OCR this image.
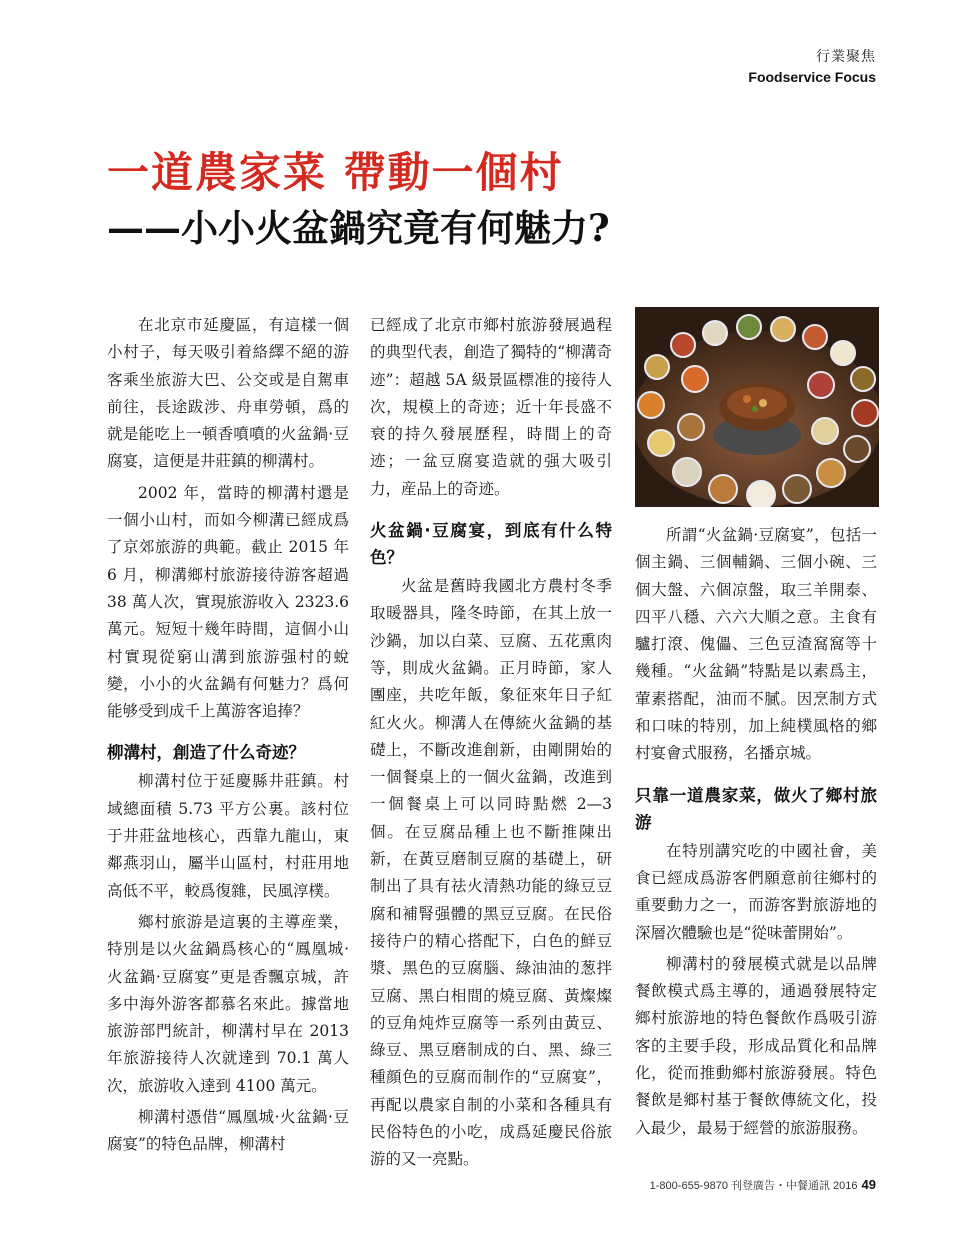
行業聚焦
Foodservice Focus
一道農家菜 帶動一個村
——小小火盆鍋究竟有何魅力?

在北京市延慶區，有這樣一個小村子，每天吸引着絡繹不絕的游客乘坐旅游大巴、公交或是自駕車前往，長途跋涉、舟車勞頓，爲的就是能吃上一頓香噴噴的火盆鍋·豆腐宴，這便是井莊鎮的柳溝村。

2002 年，當時的柳溝村還是一個小山村，而如今柳溝已經成爲了京郊旅游的典範。截止 2015 年 6 月，柳溝鄉村旅游接待游客超過 38 萬人次，實現旅游收入 2323.6 萬元。短短十幾年時間，這個小山村實現從窮山溝到旅游强村的蛻變，小小的火盆鍋有何魅力？爲何能够受到成千上萬游客追捧？

柳溝村，創造了什么奇迹？

柳溝村位于延慶縣井莊鎮。村域總面積 5.73 平方公裏。該村位于井莊盆地核心，西靠九龍山，東鄰燕羽山，屬半山區村，村莊用地高低不平，較爲復雜，民風淳樸。

鄉村旅游是這裏的主導産業，特別是以火盆鍋爲核心的“鳳凰城·火盆鍋·豆腐宴”更是香飄京城，許多中海外游客都慕名來此。據當地旅游部門統計，柳溝村早在 2013 年旅游接待人次就達到 70.1 萬人次，旅游收入達到 4100 萬元。

柳溝村憑借“鳳凰城·火盆鍋·豆腐宴”的特色品牌，柳溝村

已經成了北京市鄉村旅游發展過程的典型代表，創造了獨特的“柳溝奇迹”：超越 5A 級景區標准的接待人次，規模上的奇迹；近十年長盛不衰的持久發展歷程，時間上的奇迹；一盆豆腐宴造就的强大吸引力，産品上的奇迹。

火盆鍋·豆腐宴，到底有什么特色？

火盆是舊時我國北方農村冬季取暖器具，隆冬時節，在其上放一沙鍋，加以白菜、豆腐、五花熏肉等，則成火盆鍋。正月時節，家人團座，共吃年飯，象征來年日子紅紅火火。柳溝人在傳統火盆鍋的基礎上，不斷改進創新，由剛開始的一個餐桌上的一個火盆鍋，改進到一個餐桌上可以同時點燃 2—3 個。在豆腐品種上也不斷推陳出新，在黃豆磨制豆腐的基礎上，研制出了具有祛火清熱功能的綠豆豆腐和補腎强體的黑豆豆腐。在民俗接待户的精心搭配下，白色的鮮豆漿、黑色的豆腐腦、綠油油的葱拌豆腐、黑白相間的燒豆腐、黃燦燦的豆角炖炸豆腐等一系列由黃豆、綠豆、黑豆磨制成的白、黑、綠三種顔色的豆腐而制作的“豆腐宴”，再配以農家自制的小菜和各種具有民俗特色的小吃，成爲延慶民俗旅游的又一亮點。

所謂“火盆鍋·豆腐宴”，包括一個主鍋、三個輔鍋、三個小碗、三個大盤、六個凉盤，取三羊開泰、四平八穩、六六大順之意。主食有驢打滾、傀儡、三色豆渣窩窩等十幾種。“火盆鍋”特點是以素爲主，葷素搭配，油而不膩。因烹制方式和口味的特別，加上純樸風格的鄉村宴會式服務，名播京城。

只靠一道農家菜，做火了鄉村旅游

在特別講究吃的中國社會，美食已經成爲游客們願意前往鄉村的重要動力之一，而游客對旅游地的深層次體驗也是“從味蕾開始”。

柳溝村的發展模式就是以品牌餐飲模式爲主導的，通過發展特定鄉村旅游地的特色餐飲作爲吸引游客的主要手段，形成品質化和品牌化，從而推動鄉村旅游發展。特色餐飲是鄉村基于餐飲傳統文化，投入最少，最易于經營的旅游服務。

1-800-655-9870 刊登廣告・中餐通訊 2016 49
